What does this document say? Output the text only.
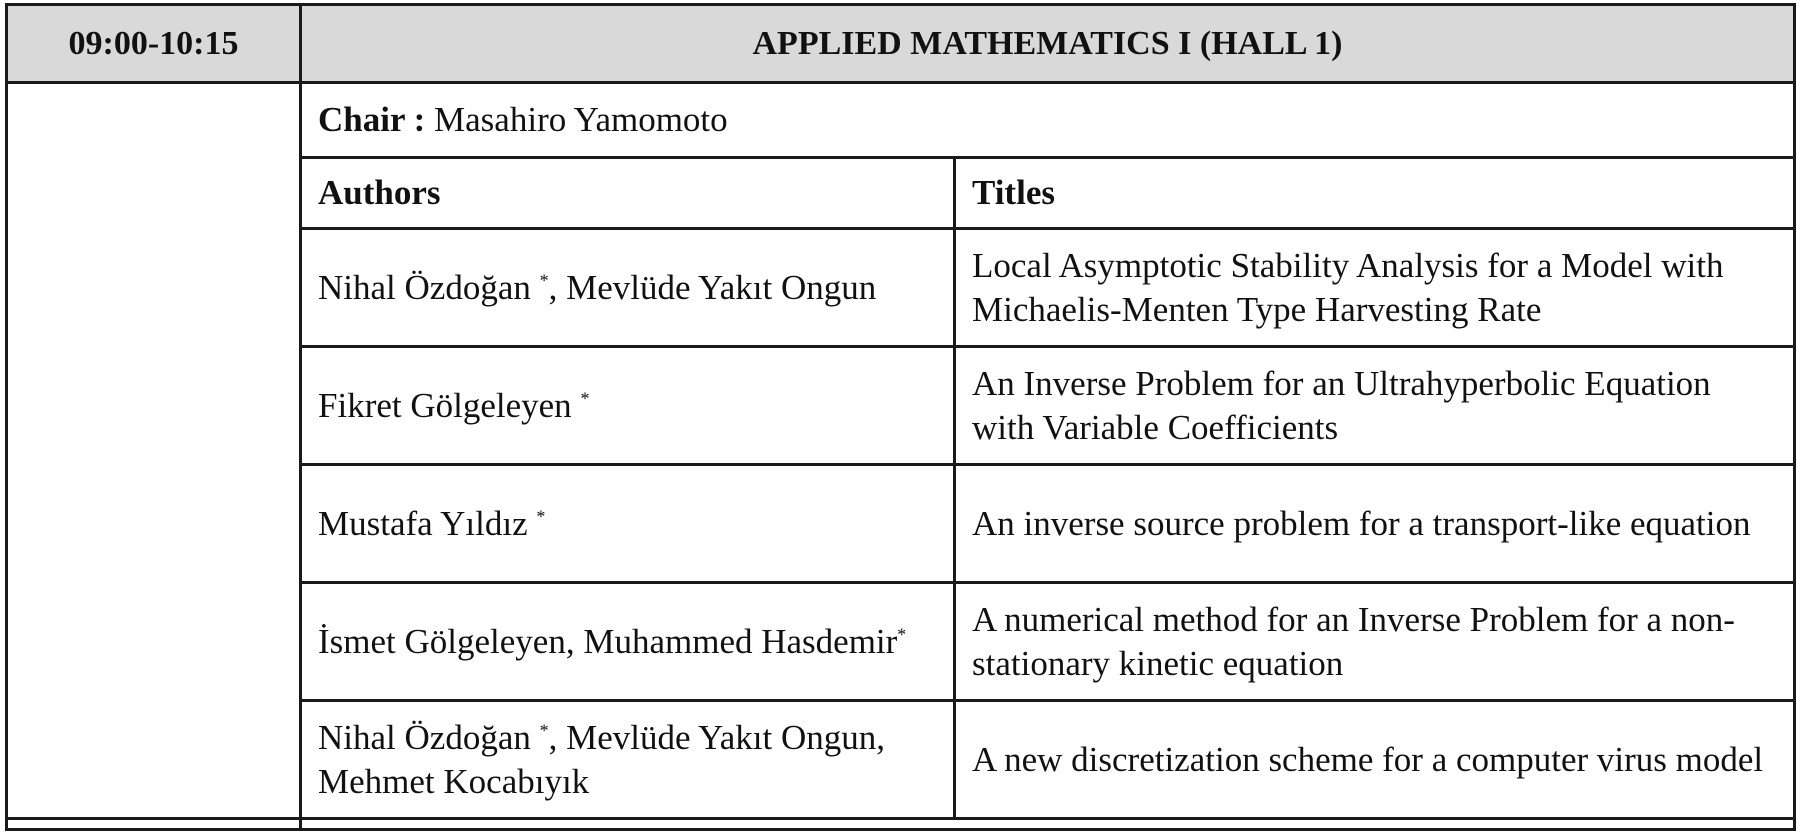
09:00-10:15	APPLIED MATHEMATICS I (HALL 1)	
	Chair : Masahiro Yamomoto	
	Authors	Titles
	Nihal Özdoğan *, Mevlüde Yakıt Ongun	Local Asymptotic Stability Analysis for a Model with Michaelis-Menten Type Harvesting Rate
	Fikret Gölgeleyen *	An Inverse Problem for an Ultrahyperbolic Equation with Variable Coefficients
	Mustafa Yıldız *	An inverse source problem for a transport-like equation
	İsmet Gölgeleyen, Muhammed Hasdemir*	A numerical method for an Inverse Problem for a non-stationary kinetic equation
	Nihal Özdoğan *, Mevlüde Yakıt Ongun, Mehmet Kocabıyık	A new discretization scheme for a computer virus model
